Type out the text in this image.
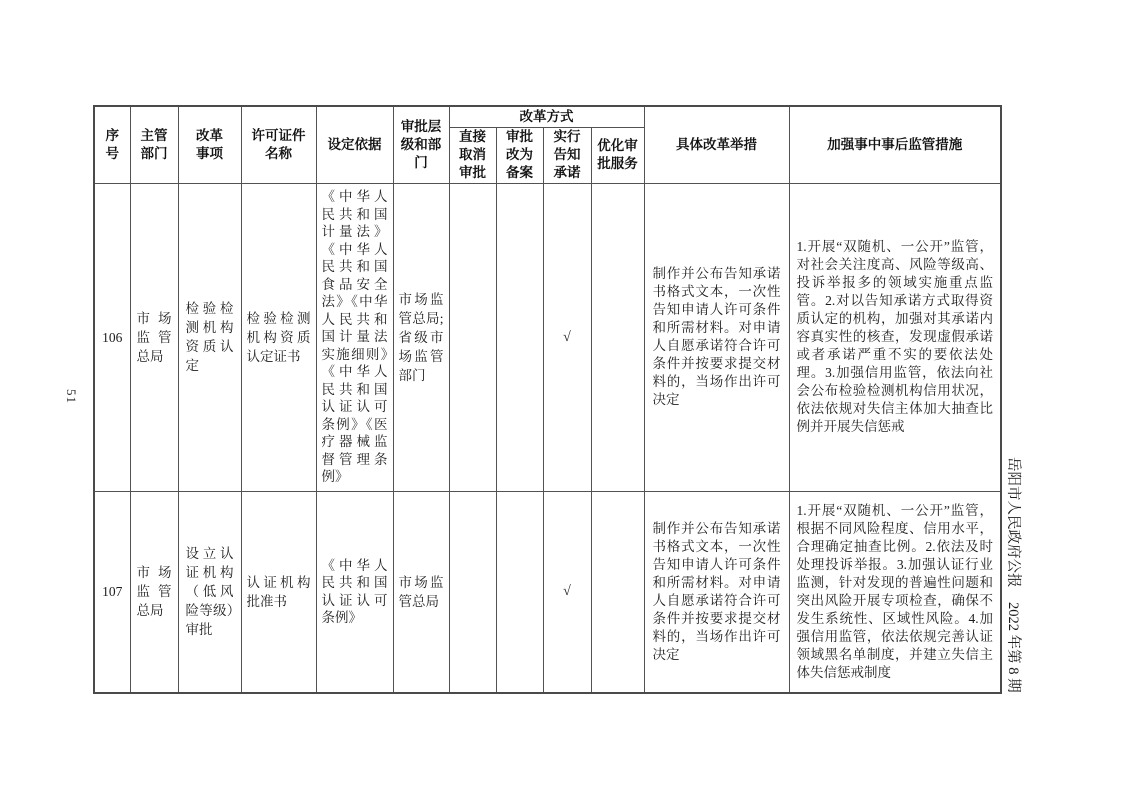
51
岳阳市人民政府公报　2022 年第 8 期
序号	主管部门	改革事项	许可证件名称	设定依据	审批层级和部门	改革方式				具体改革举措	加强事中事后监管措施
						直接取消审批	审批改为备案	实行告知承诺	优化审批服务		
106	市场监管总局	检验检测机构资质认定	检验检测机构资质认定证书	《中华人民共和国计量法》《中华人民共和国食品安全法》《中华人民共和国计量法实施细则》《中华人民共和国认证认可条例》《医疗器械监督管理条例》	市场监管总局;省级市场监管部门			√		制作并公布告知承诺书格式文本，一次性告知申请人许可条件和所需材料。对申请人自愿承诺符合许可条件并按要求提交材料的，当场作出许可决定	1.开展“双随机、一公开”监管，对社会关注度高、风险等级高、投诉举报多的领域实施重点监管。2.对以告知承诺方式取得资质认定的机构，加强对其承诺内容真实性的核查，发现虚假承诺或者承诺严重不实的要依法处理。3.加强信用监管，依法向社会公布检验检测机构信用状况，依法依规对失信主体加大抽查比例并开展失信惩戒
107	市场监管总局	设立认证机构（低风险等级）审批	认证机构批准书	《中华人民共和国认证认可条例》	市场监管总局			√		制作并公布告知承诺书格式文本，一次性告知申请人许可条件和所需材料。对申请人自愿承诺符合许可条件并按要求提交材料的，当场作出许可决定	1.开展“双随机、一公开”监管，根据不同风险程度、信用水平，合理确定抽查比例。2.依法及时处理投诉举报。3.加强认证行业监测，针对发现的普遍性问题和突出风险开展专项检查，确保不发生系统性、区域性风险。4.加强信用监管，依法依规完善认证领域黑名单制度，并建立失信主体失信惩戒制度
